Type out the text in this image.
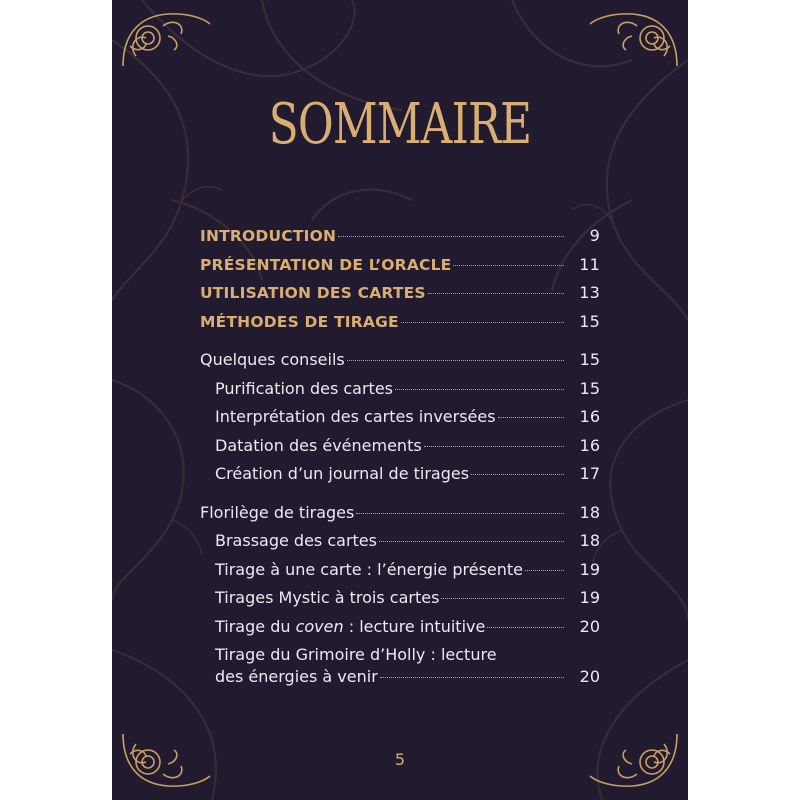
SOMMAIRE
INTRODUCTION	9
PRÉSENTATION DE L’ORACLE	11
UTILISATION DES CARTES	13
MÉTHODES DE TIRAGE	15
Quelques conseils	15
Purification des cartes	15
Interprétation des cartes inversées	16
Datation des événements	16
Création d’un journal de tirages	17
Florilège de tirages	18
Brassage des cartes	18
Tirage à une carte : l’énergie présente	19
Tirages Mystic à trois cartes	19
Tirage du coven : lecture intuitive	20
Tirage du Grimoire d’Holly : lecture
des énergies à venir	20
5
